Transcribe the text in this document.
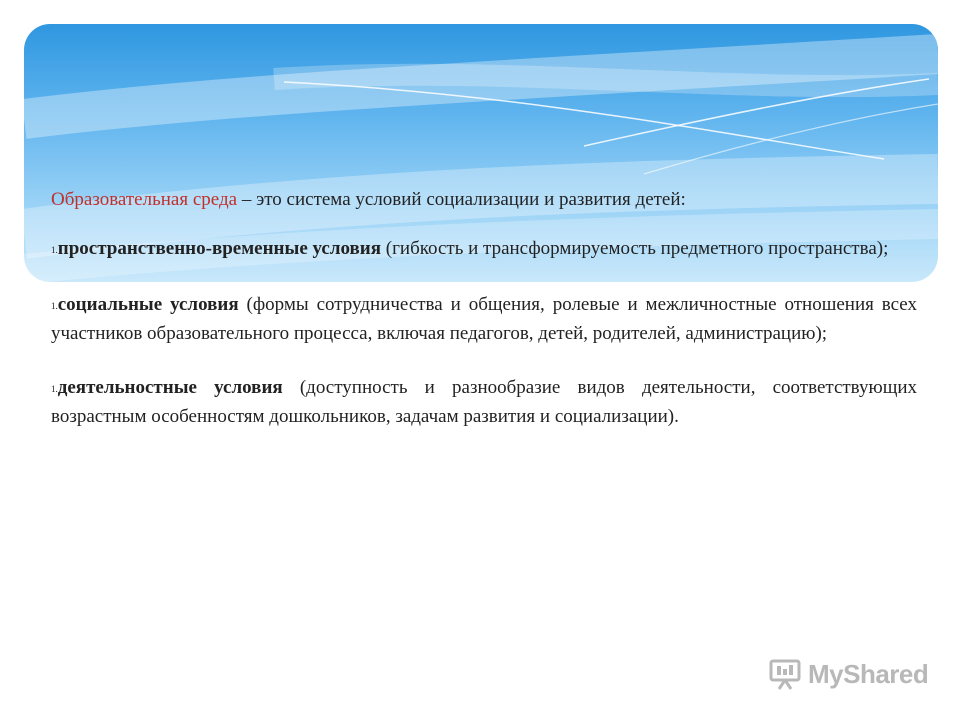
Образовательная среда – это система условий социализации и развития детей:

1.пространственно-временные условия (гибкость и трансформируемость предметного пространства);

1.социальные условия (формы сотрудничества и общения, ролевые и межличностные отношения всех участников образовательного процесса, включая педагогов, детей, родителей, администрацию);

1.деятельностные условия (доступность и разнообразие видов деятельности, соответствующих возрастным особенностям дошкольников, задачам развития и социализации).

MyShared
